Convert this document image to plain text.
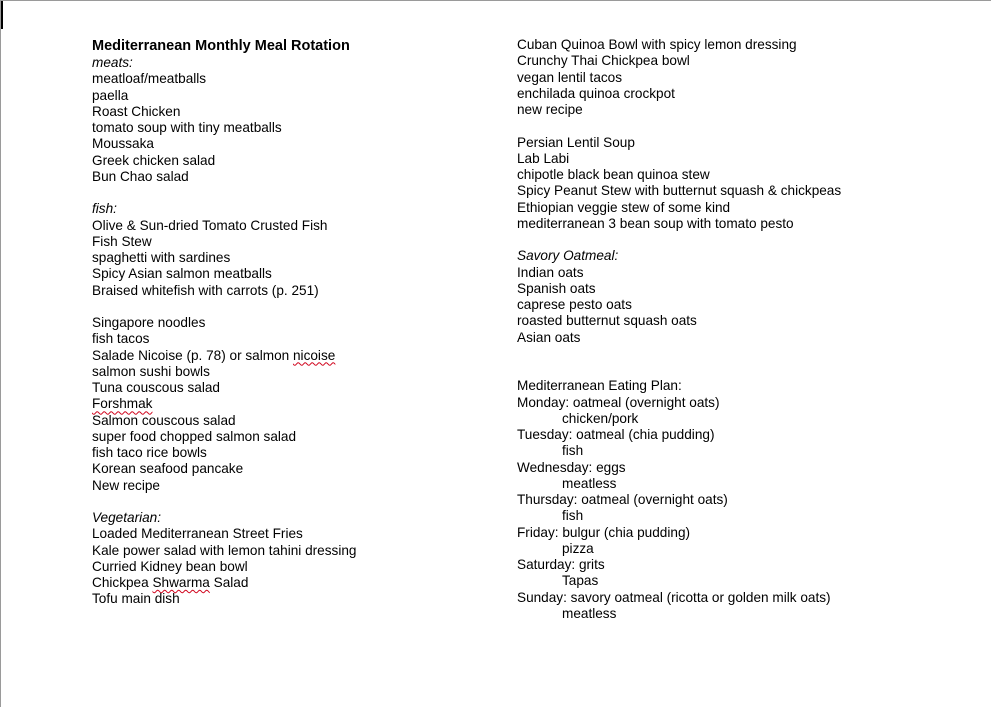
Mediterranean Monthly Meal Rotation
meats:
meatloaf/meatballs
paella
Roast Chicken
tomato soup with tiny meatballs
Moussaka
Greek chicken salad
Bun Chao salad
fish:
Olive & Sun-dried Tomato Crusted Fish
Fish Stew
spaghetti with sardines
Spicy Asian salmon meatballs
Braised whitefish with carrots (p. 251)
Singapore noodles
fish tacos
Salade Nicoise (p. 78) or salmon nicoise
salmon sushi bowls
Tuna couscous salad
Forshmak
Salmon couscous salad
super food chopped salmon salad
fish taco rice bowls
Korean seafood pancake
New recipe
Vegetarian:
Loaded Mediterranean Street Fries
Kale power salad with lemon tahini dressing
Curried Kidney bean bowl
Chickpea Shwarma Salad
Tofu main dish
Cuban Quinoa Bowl with spicy lemon dressing
Crunchy Thai Chickpea bowl
vegan lentil tacos
enchilada quinoa crockpot
new recipe
Persian Lentil Soup
Lab Labi
chipotle black bean quinoa stew
Spicy Peanut Stew with butternut squash & chickpeas
Ethiopian veggie stew of some kind
mediterranean 3 bean soup with tomato pesto
Savory Oatmeal:
Indian oats
Spanish oats
caprese pesto oats
roasted butternut squash oats
Asian oats
Mediterranean Eating Plan:
Monday: oatmeal (overnight oats)
chicken/pork
Tuesday: oatmeal (chia pudding)
fish
Wednesday: eggs
meatless
Thursday: oatmeal (overnight oats)
fish
Friday: bulgur (chia pudding)
pizza
Saturday: grits
Tapas
Sunday: savory oatmeal (ricotta or golden milk oats)
meatless
